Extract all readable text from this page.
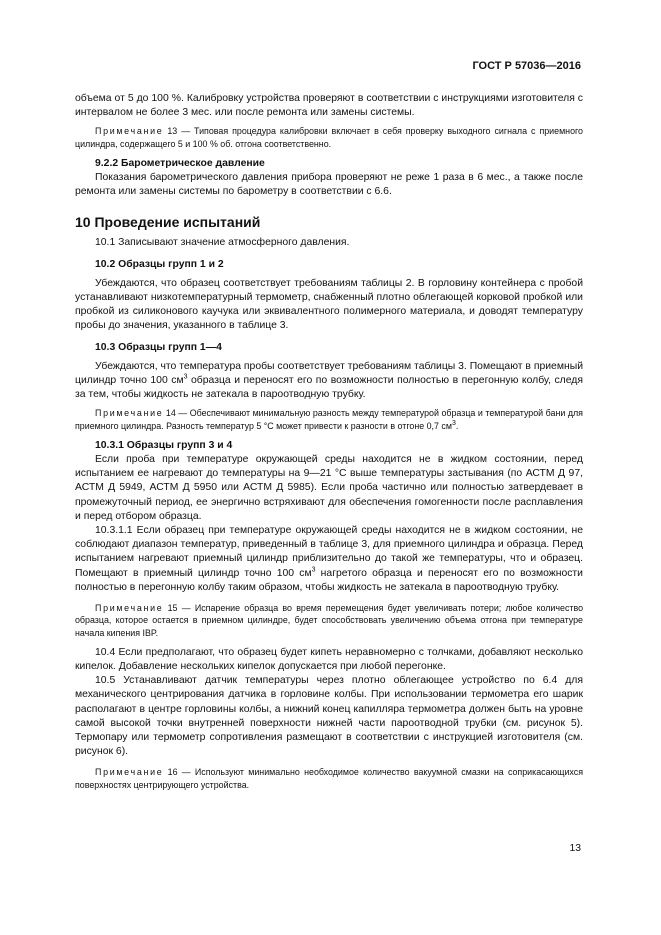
ГОСТ Р 57036—2016

объема от 5 до 100 %. Калибровку устройства проверяют в соответствии с инструкциями изготовителя с интервалом не более 3 мес. или после ремонта или замены системы.

Примечание 13 — Типовая процедура калибровки включает в себя проверку выходного сигнала с приемного цилиндра, содержащего 5 и 100 % об. отгона соответственно.

9.2.2 Барометрическое давление

Показания барометрического давления прибора проверяют не реже 1 раза в 6 мес., а также после ремонта или замены системы по барометру в соответствии с 6.6.

10 Проведение испытаний

10.1 Записывают значение атмосферного давления.

10.2 Образцы групп 1 и 2

Убеждаются, что образец соответствует требованиям таблицы 2. В горловину контейнера с пробой устанавливают низкотемпературный термометр, снабженный плотно облегающей корковой пробкой или пробкой из силиконового каучука или эквивалентного полимерного материала, и доводят температуру пробы до значения, указанного в таблице 3.

10.3 Образцы групп 1—4

Убеждаются, что температура пробы соответствует требованиям таблицы 3. Помещают в приемный цилиндр точно 100 $см^3$ образца и переносят его по возможности полностью в перегонную колбу, следя за тем, чтобы жидкость не затекала в пароотводную трубку.

Примечание 14 — Обеспечивают минимальную разность между температурой образца и температурой бани для приемного цилиндра. Разность температур 5 °С может привести к разности в отгоне 0,7 $см^3$.

10.3.1 Образцы групп 3 и 4

Если проба при температуре окружающей среды находится не в жидком состоянии, перед испытанием ее нагревают до температуры на 9—21 °С выше температуры застывания (по АСТМ Д 97, АСТМ Д 5949, АСТМ Д 5950 или АСТМ Д 5985). Если проба частично или полностью затвердевает в промежуточный период, ее энергично встряхивают для обеспечения гомогенности после расплавления и перед отбором образца.

10.3.1.1 Если образец при температуре окружающей среды находится не в жидком состоянии, не соблюдают диапазон температур, приведенный в таблице 3, для приемного цилиндра и образца. Перед испытанием нагревают приемный цилиндр приблизительно до такой же температуры, что и образец. Помещают в приемный цилиндр точно 100 $см^3$ нагретого образца и переносят его по возможности полностью в перегонную колбу таким образом, чтобы жидкость не затекала в пароотводную трубку.

Примечание 15 — Испарение образца во время перемещения будет увеличивать потери; любое количество образца, которое остается в приемном цилиндре, будет способствовать увеличению объема отгона при температуре начала кипения IBP.

10.4 Если предполагают, что образец будет кипеть неравномерно с толчками, добавляют несколько кипелок. Добавление нескольких кипелок допускается при любой перегонке.

10.5 Устанавливают датчик температуры через плотно облегающее устройство по 6.4 для механического центрирования датчика в горловине колбы. При использовании термометра его шарик располагают в центре горловины колбы, а нижний конец капилляра термометра должен быть на уровне самой высокой точки внутренней поверхности нижней части пароотводной трубки (см. рисунок 5). Термопару или термометр сопротивления размещают в соответствии с инструкцией изготовителя (см. рисунок 6).

Примечание 16 — Используют минимально необходимое количество вакуумной смазки на соприкасающихся поверхностях центрирующего устройства.

13
